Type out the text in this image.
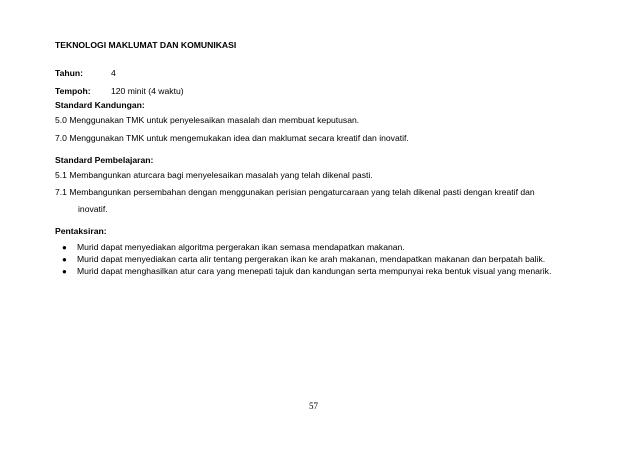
TEKNOLOGI MAKLUMAT DAN KOMUNIKASI
Tahun:	4
Tempoh: 120 minit (4 waktu)
Standard Kandungan:
5.0 Menggunakan TMK untuk penyelesaikan masalah dan membuat keputusan.
7.0 Menggunakan TMK untuk mengemukakan idea dan maklumat secara kreatif dan inovatif.
Standard Pembelajaran:
5.1 Membangunkan aturcara bagi menyelesaikan masalah yang telah dikenal pasti.
7.1 Membangunkan persembahan dengan menggunakan perisian pengaturcaraan yang telah dikenal pasti dengan kreatif dan
inovatif.
Pentaksiran:
● Murid dapat menyediakan algoritma pergerakan ikan semasa mendapatkan makanan.
● Murid dapat menyediakan carta alir tentang pergerakan ikan ke arah makanan, mendapatkan makanan dan berpatah balik.
● Murid dapat menghasilkan atur cara yang menepati tajuk dan kandungan serta mempunyai reka bentuk visual yang menarik.
57
